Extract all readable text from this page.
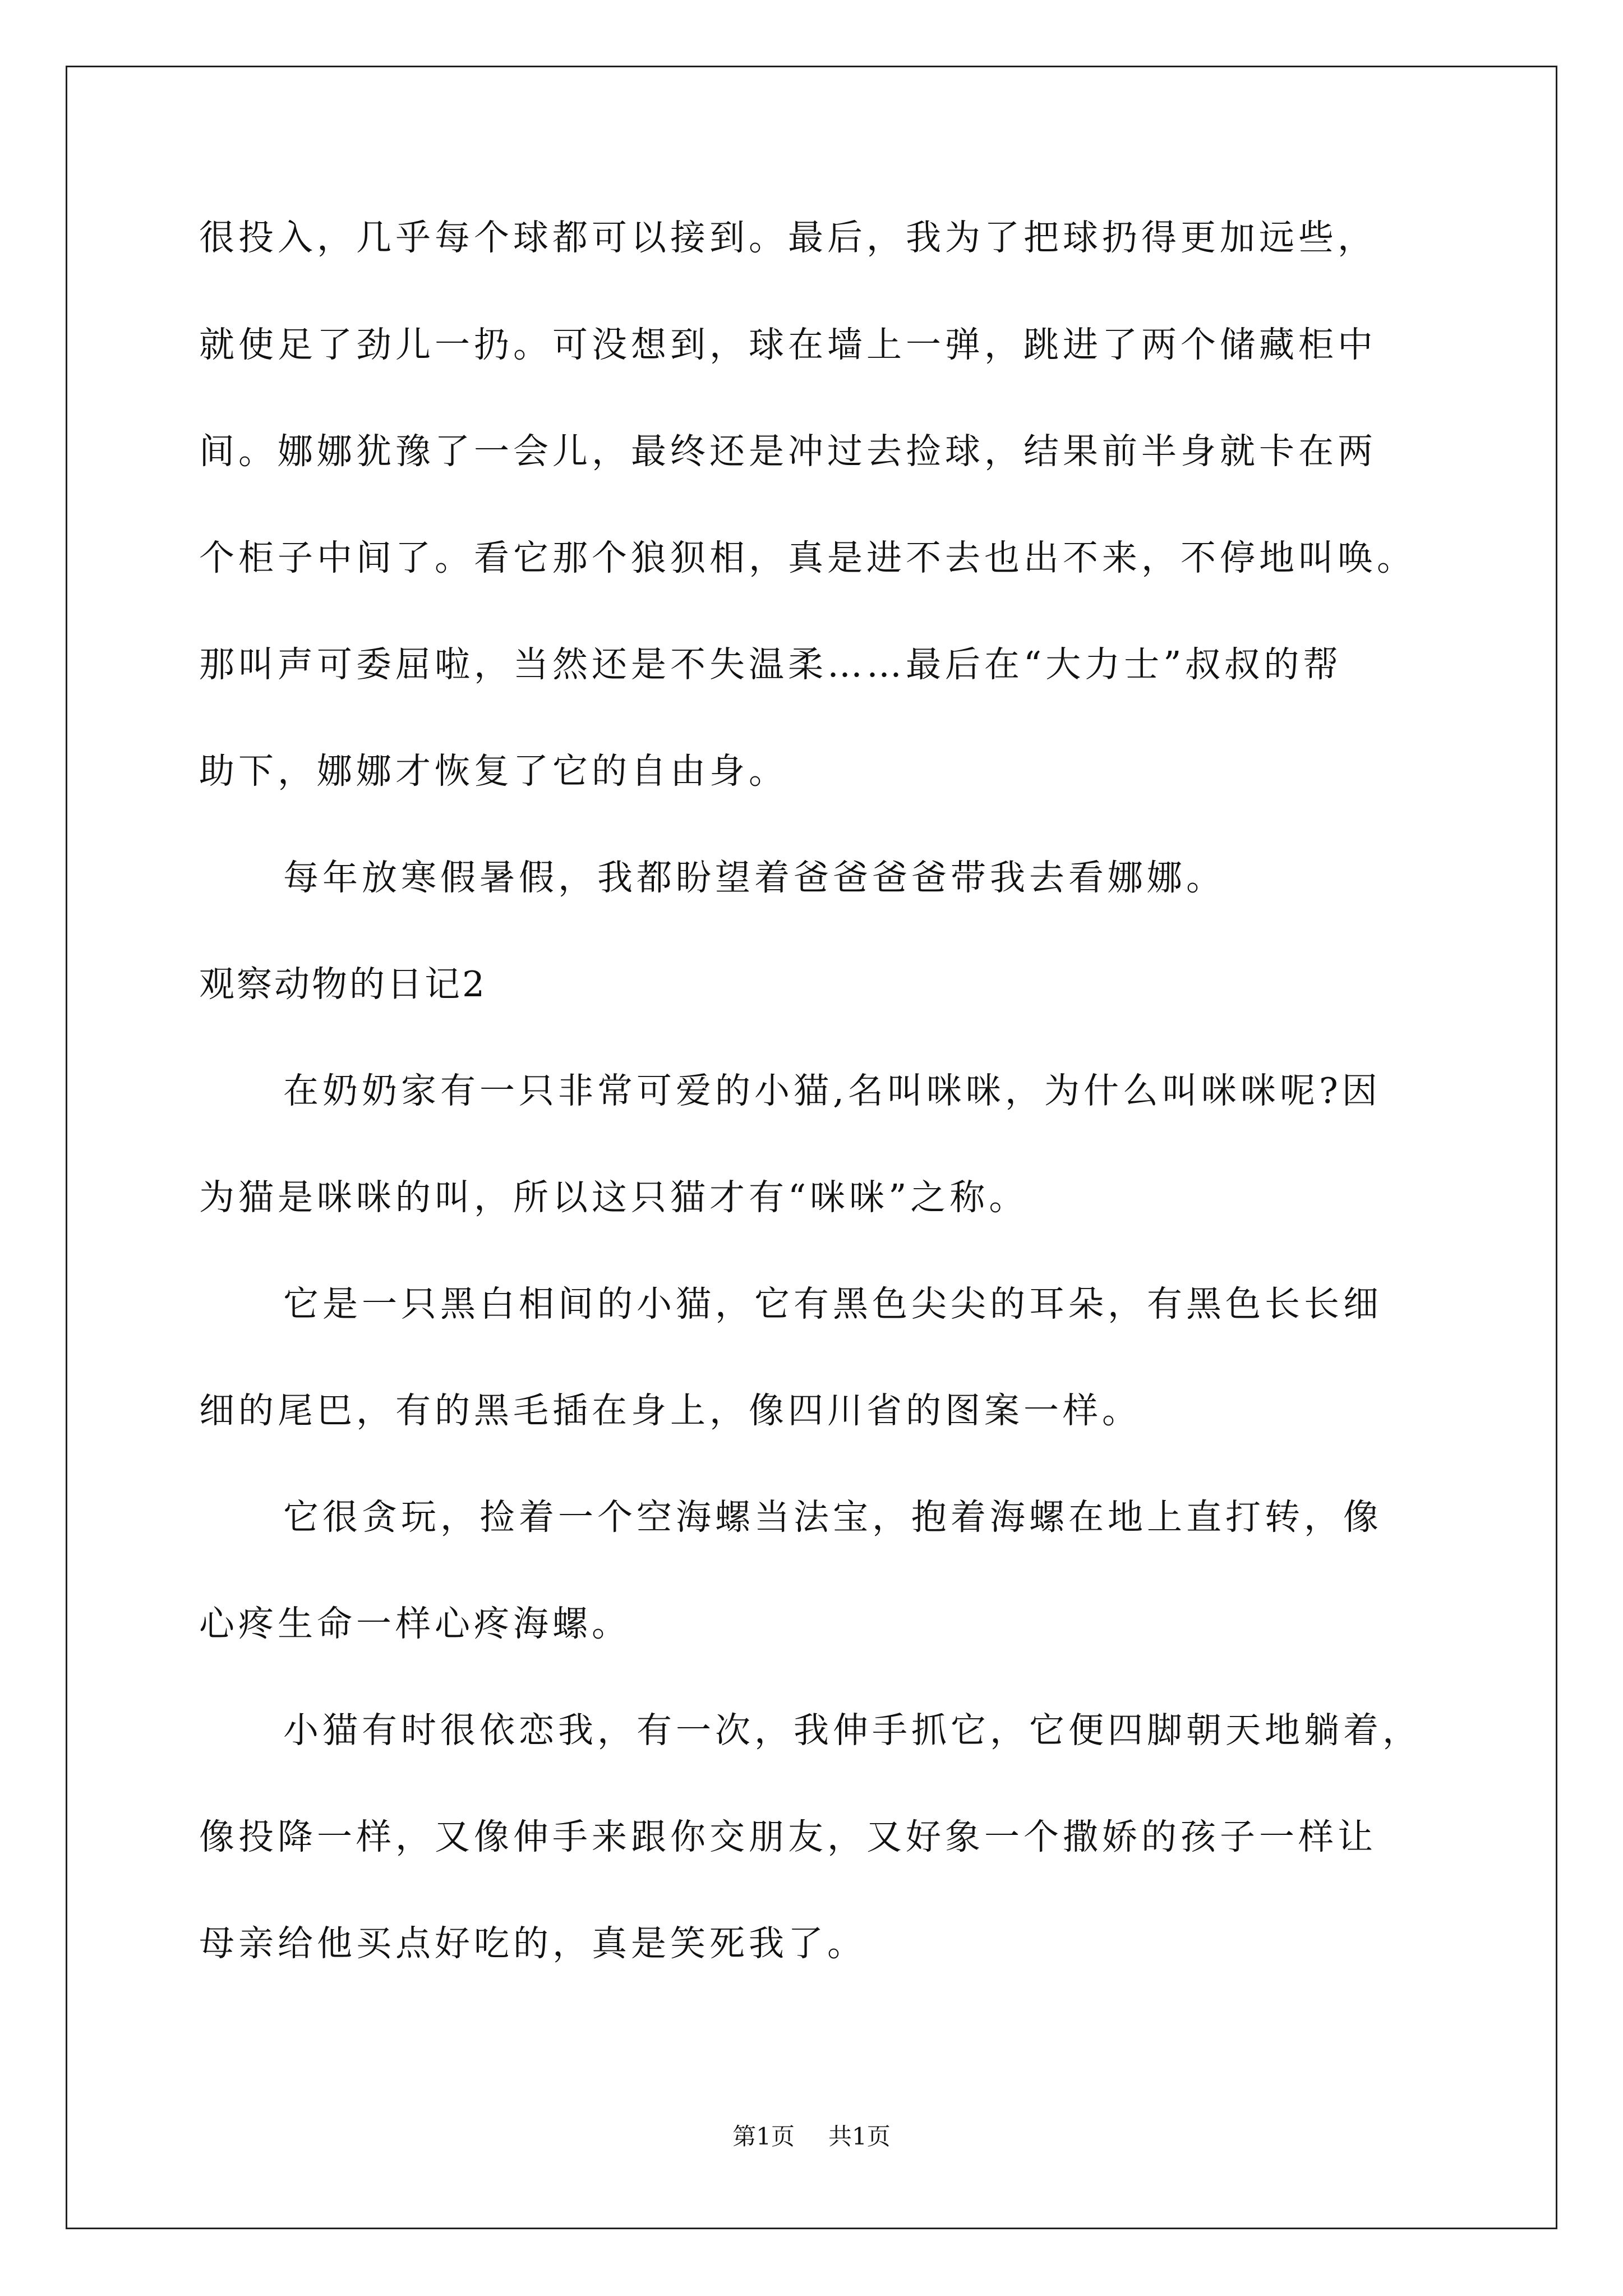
很投入，几乎每个球都可以接到。最后，我为了把球扔得更加远些，
就使足了劲儿一扔。可没想到，球在墙上一弹，跳进了两个储藏柜中
间。娜娜犹豫了一会儿，最终还是冲过去捡球，结果前半身就卡在两
个柜子中间了。看它那个狼狈相，真是进不去也出不来，不停地叫唤。
那叫声可委屈啦，当然还是不失温柔……最后在“大力士”叔叔的帮
助下，娜娜才恢复了它的自由身。
每年放寒假暑假，我都盼望着爸爸爸爸带我去看娜娜。
观察动物的日记2
在奶奶家有一只非常可爱的小猫,名叫咪咪，为什么叫咪咪呢?因
为猫是咪咪的叫，所以这只猫才有“咪咪”之称。
它是一只黑白相间的小猫，它有黑色尖尖的耳朵，有黑色长长细
细的尾巴，有的黑毛插在身上，像四川省的图案一样。
它很贪玩，捡着一个空海螺当法宝，抱着海螺在地上直打转，像
心疼生命一样心疼海螺。
小猫有时很依恋我，有一次，我伸手抓它，它便四脚朝天地躺着，
像投降一样，又像伸手来跟你交朋友，又好象一个撒娇的孩子一样让
母亲给他买点好吃的，真是笑死我了。
第1页 共1页
